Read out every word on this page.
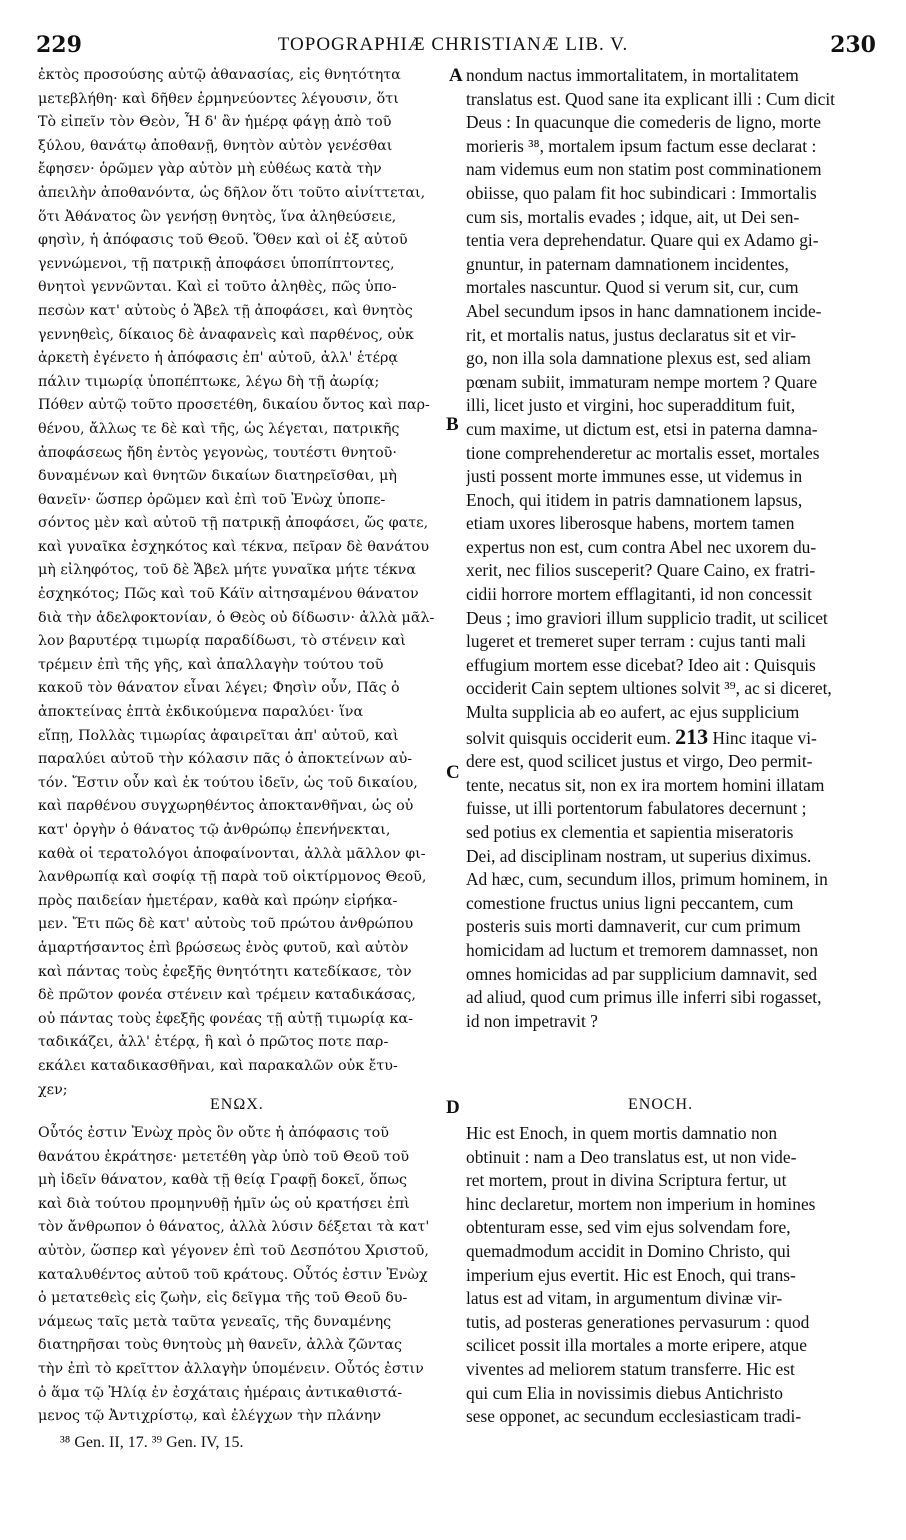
229	TOPOGRAPHIÆ CHRISTIANÆ LIB. V.	230
ἐκτὸς προσούσης αὐτῷ ἀθανασίας, εἰς θνητότητα
μετεβλήθη· καὶ δῆθεν ἑρμηνεύοντες λέγουσιν, ὅτι
Τὸ εἰπεῖν τὸν Θεὸν, Ἧ δ' ἂν ἡμέρᾳ φάγῃ ἀπὸ τοῦ
ξύλου, θανάτῳ ἀποθανῇ, θνητὸν αὐτὸν γενέσθαι
ἔφησεν· ὁρῶμεν γὰρ αὐτὸν μὴ εὐθέως κατὰ τὴν
ἀπειλὴν ἀποθανόντα, ὡς δῆλον ὅτι τοῦτο αἰνίττεται,
ὅτι Ἀθάνατος ὢν γενήσῃ θνητὸς, ἵνα ἀληθεύσειε,
φησὶν, ἡ ἀπόφασις τοῦ Θεοῦ. Ὅθεν καὶ οἱ ἐξ αὐτοῦ
γεννώμενοι, τῇ πατρικῇ ἀποφάσει ὑποπίπτοντες,
θνητοὶ γεννῶνται. Καὶ εἰ τοῦτο ἀληθὲς, πῶς ὑπο-
πεσὼν κατ' αὐτοὺς ὁ Ἄβελ τῇ ἀποφάσει, καὶ θνητὸς
γεννηθεὶς, δίκαιος δὲ ἀναφανεὶς καὶ παρθένος, οὐκ
ἀρκετὴ ἐγένετο ἡ ἀπόφασις ἐπ' αὐτοῦ, ἀλλ' ἑτέρᾳ
πάλιν τιμωρίᾳ ὑποπέπτωκε, λέγω δὴ τῇ ἀωρίᾳ;
Πόθεν αὐτῷ τοῦτο προσετέθη, δικαίου ὄντος καὶ παρ-
θένου, ἄλλως τε δὲ καὶ τῆς, ὡς λέγεται, πατρικῆς
ἀποφάσεως ἤδη ἐντὸς γεγονὼς, τουτέστι θνητοῦ·
δυναμένων καὶ θνητῶν δικαίων διατηρεῖσθαι, μὴ
θανεῖν· ὥσπερ ὁρῶμεν καὶ ἐπὶ τοῦ Ἐνὼχ ὑποπε-
σόντος μὲν καὶ αὐτοῦ τῇ πατρικῇ ἀποφάσει, ὥς φατε,
καὶ γυναῖκα ἐσχηκότος καὶ τέκνα, πεῖραν δὲ θανάτου
μὴ εἰληφότος, τοῦ δὲ Ἄβελ μήτε γυναῖκα μήτε τέκνα
ἐσχηκότος; Πῶς καὶ τοῦ Κάϊν αἰτησαμένου θάνατον
διὰ τὴν ἀδελφοκτονίαν, ὁ Θεὸς οὐ δίδωσιν· ἀλλὰ μᾶλ-
λον βαρυτέρᾳ τιμωρίᾳ παραδίδωσι, τὸ στένειν καὶ
τρέμειν ἐπὶ τῆς γῆς, καὶ ἀπαλλαγὴν τούτου τοῦ
κακοῦ τὸν θάνατον εἶναι λέγει; Φησὶν οὖν, Πᾶς ὁ
ἀποκτείνας ἑπτὰ ἐκδικούμενα παραλύει· ἵνα
εἴπῃ, Πολλὰς τιμωρίας ἀφαιρεῖται ἀπ' αὐτοῦ, καὶ
παραλύει αὐτοῦ τὴν κόλασιν πᾶς ὁ ἀποκτείνων αὐ-
τόν. Ἔστιν οὖν καὶ ἐκ τούτου ἰδεῖν, ὡς τοῦ δικαίου,
καὶ παρθένου συγχωρηθέντος ἀποκτανθῆναι, ὡς οὐ
κατ' ὀργὴν ὁ θάνατος τῷ ἀνθρώπῳ ἐπενήνεκται,
καθὰ οἱ τερατολόγοι ἀποφαίνονται, ἀλλὰ μᾶλλον φι-
λανθρωπίᾳ καὶ σοφίᾳ τῇ παρὰ τοῦ οἰκτίρμονος Θεοῦ,
πρὸς παιδείαν ἡμετέραν, καθὰ καὶ πρώην εἰρήκα-
μεν. Ἔτι πῶς δὲ κατ' αὐτοὺς τοῦ πρώτου ἀνθρώπου
ἁμαρτήσαντος ἐπὶ βρώσεως ἑνὸς φυτοῦ, καὶ αὐτὸν
καὶ πάντας τοὺς ἐφεξῆς θνητότητι κατεδίκασε, τὸν
δὲ πρῶτον φονέα στένειν καὶ τρέμειν καταδικάσας,
οὐ πάντας τοὺς ἐφεξῆς φονέας τῇ αὐτῇ τιμωρίᾳ κα-
ταδικάζει, ἀλλ' ἑτέρᾳ, ἣ καὶ ὁ πρῶτος ποτε παρ-
εκάλει καταδικασθῆναι, καὶ παρακαλῶν οὐκ ἔτυ-
χεν;
nondum nactus immortalitatem, in mortalitatem
translatus est. Quod sane ita explicant illi : Cum dicit
Deus : In quacunque die comederis de ligno, morte
morieris ³⁸, mortalem ipsum factum esse declarat :
nam videmus eum non statim post comminationem
obiisse, quo palam fit hoc subindicari : Immortalis
cum sis, mortalis evades ; idque, ait, ut Dei sen-
tentia vera deprehendatur. Quare qui ex Adamo gi-
gnuntur, in paternam damnationem incidentes,
mortales nascuntur. Quod si verum sit, cur, cum
Abel secundum ipsos in hanc damnationem incide-
rit, et mortalis natus, justus declaratus sit et vir-
go, non illa sola damnatione plexus est, sed aliam
pœnam subiit, immaturam nempe mortem ? Quare
illi, licet justo et virgini, hoc superadditum fuit,
cum maxime, ut dictum est, etsi in paterna damna-
tione comprehenderetur ac mortalis esset, mortales
justi possent morte immunes esse, ut videmus in
Enoch, qui itidem in patris damnationem lapsus,
etiam uxores liberosque habens, mortem tamen
expertus non est, cum contra Abel nec uxorem du-
xerit, nec filios susceperit? Quare Caino, ex fratri-
cidii horrore mortem efflagitanti, id non concessit
Deus ; imo graviori illum supplicio tradit, ut scilicet
lugeret et tremeret super terram : cujus tanti mali
effugium mortem esse dicebat? Ideo ait : Quisquis
occiderit Cain septem ultiones solvit ³⁹, ac si diceret,
Multa supplicia ab eo aufert, ac ejus supplicium
solvit quisquis occiderit eum. 213 Hinc itaque vi-
dere est, quod scilicet justus et virgo, Deo permit-
tente, necatus sit, non ex ira mortem homini illatam
fuisse, ut illi portentorum fabulatores decernunt ;
sed potius ex clementia et sapientia miseratoris
Dei, ad disciplinam nostram, ut superius diximus.
Ad hæc, cum, secundum illos, primum hominem, in
comestione fructus unius ligni peccantem, cum
posteris suis morti damnaverit, cur cum primum
homicidam ad luctum et tremorem damnasset, non
omnes homicidas ad par supplicium damnavit, sed
ad aliud, quod cum primus ille inferri sibi rogasset,
id non impetravit ?
A
B
C
D
ΕΝΩΧ.	ENOCH.
Οὗτός ἐστιν Ἐνὼχ πρὸς ὃν οὔτε ἡ ἀπόφασις τοῦ
θανάτου ἐκράτησε· μετετέθη γὰρ ὑπὸ τοῦ Θεοῦ τοῦ
μὴ ἰδεῖν θάνατον, καθὰ τῇ θείᾳ Γραφῇ δοκεῖ, ὅπως
καὶ διὰ τούτου προμηνυθῇ ἡμῖν ὡς οὐ κρατήσει ἐπὶ
τὸν ἄνθρωπον ὁ θάνατος, ἀλλὰ λύσιν δέξεται τὰ κατ'
αὐτὸν, ὥσπερ καὶ γέγονεν ἐπὶ τοῦ Δεσπότου Χριστοῦ,
καταλυθέντος αὐτοῦ τοῦ κράτους. Οὗτός ἐστιν Ἐνὼχ
ὁ μετατεθεὶς εἰς ζωὴν, εἰς δεῖγμα τῆς τοῦ Θεοῦ δυ-
νάμεως ταῖς μετὰ ταῦτα γενεαῖς, τῆς δυναμένης
διατηρῆσαι τοὺς θνητοὺς μὴ θανεῖν, ἀλλὰ ζῶντας
τὴν ἐπὶ τὸ κρεῖττον ἀλλαγὴν ὑπομένειν. Οὗτός ἐστιν
ὁ ἅμα τῷ Ἠλίᾳ ἐν ἐσχάταις ἡμέραις ἀντικαθιστά-
μενος τῷ Ἀντιχρίστῳ, καὶ ἐλέγχων τὴν πλάνην
Hic est Enoch, in quem mortis damnatio non
obtinuit : nam a Deo translatus est, ut non vide-
ret mortem, prout in divina Scriptura fertur, ut
hinc declaretur, mortem non imperium in homines
obtenturam esse, sed vim ejus solvendam fore,
quemadmodum accidit in Domino Christo, qui
imperium ejus evertit. Hic est Enoch, qui trans-
latus est ad vitam, in argumentum divinæ vir-
tutis, ad posteras generationes pervasurum : quod
scilicet possit illa mortales a morte eripere, atque
viventes ad meliorem statum transferre. Hic est
qui cum Elia in novissimis diebus Antichristo
sese opponet, ac secundum ecclesiasticam tradi-
³⁸ Gen. II, 17. ³⁹ Gen. IV, 15.
